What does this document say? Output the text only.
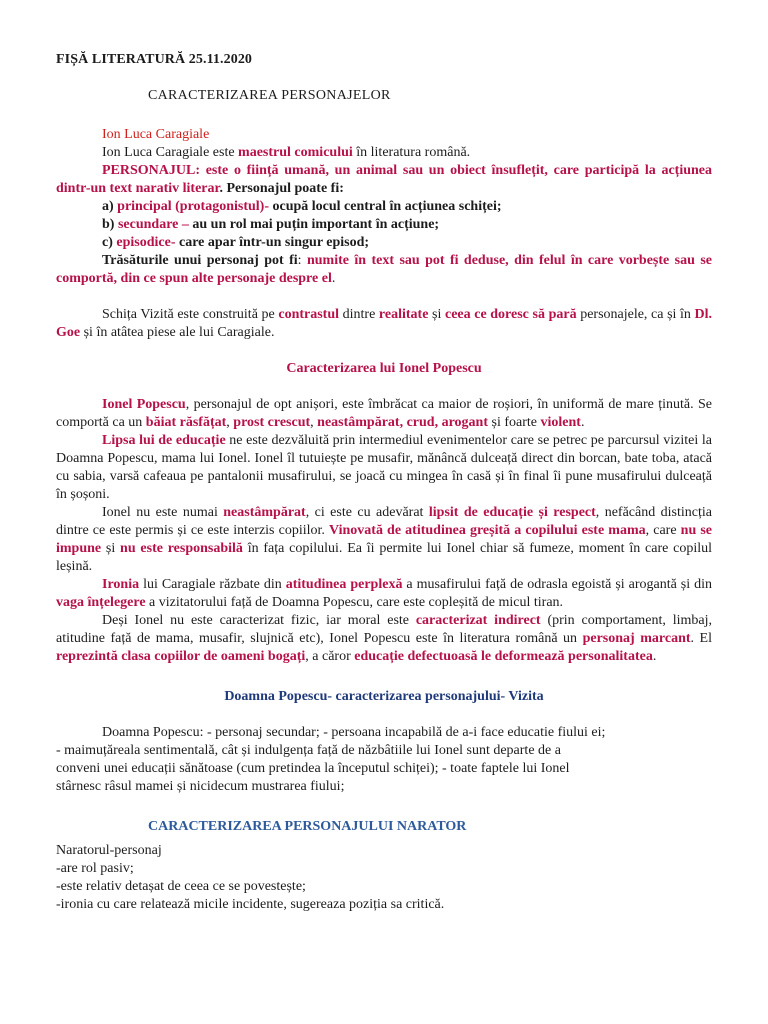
FIȘĂ LITERATURĂ 25.11.2020

CARACTERIZAREA PERSONAJELOR

Ion Luca Caragiale

Ion Luca Caragiale este maestrul comicului în literatura română.

PERSONAJUL: este o ființă umană, un animal sau un obiect însuflețit, care participă la acțiunea dintr-un text narativ literar. Personajul poate fi:

a) principal (protagonistul)- ocupă locul central în acțiunea schiței;

b) secundare – au un rol mai puțin important în acțiune;

c) episodice- care apar într-un singur episod;

Trăsăturile unui personaj pot fi: numite în text sau pot fi deduse, din felul în care vorbește sau se comportă, din ce spun alte personaje despre el.

Schița Vizită este construită pe contrastul dintre realitate și ceea ce doresc să pară personajele, ca și în Dl. Goe și în atâtea piese ale lui Caragiale.

Caracterizarea lui Ionel Popescu

Ionel Popescu, personajul de opt anișori, este îmbrăcat ca maior de roșiori, în uniformă de mare ținută. Se comportă ca un băiat răsfățat, prost crescut, neastâmpărat, crud, arogant și foarte violent.

Lipsa lui de educație ne este dezvăluită prin intermediul evenimentelor care se petrec pe parcursul vizitei la Doamna Popescu, mama lui Ionel. Ionel îl tutuiește pe musafir, mănâncă dulceață direct din borcan, bate toba, atacă cu sabia, varsă cafeaua pe pantalonii musafirului, se joacă cu mingea în casă și în final îi pune musafirului dulceață în șoșoni.

Ionel nu este numai neastâmpărat, ci este cu adevărat lipsit de educație și respect, nefăcând distincția dintre ce este permis și ce este interzis copiilor. Vinovată de atitudinea greșită a copilului este mama, care nu se impune și nu este responsabilă în fața copilului. Ea îi permite lui Ionel chiar să fumeze, moment în care copilul leșină.

Ironia lui Caragiale răzbate din atitudinea perplexă a musafirului față de odrasla egoistă și arogantă și din vaga înțelegere a vizitatorului față de Doamna Popescu, care este copleșită de micul tiran.

Deși Ionel nu este caracterizat fizic, iar moral este caracterizat indirect (prin comportament, limbaj, atitudine față de mama, musafir, slujnică etc), Ionel Popescu este în literatura română un personaj marcant. El reprezintă clasa copiilor de oameni bogați, a căror educație defectuoasă le deformează personalitatea.

Doamna Popescu- caracterizarea personajului- Vizita

Doamna Popescu: - personaj secundar; - persoana incapabilă de a-i face educatie fiului ei;

- maimuțăreala sentimentală, cât și indulgența față de năzbâtiile lui Ionel sunt departe de a

conveni unei educații sănătoase (cum pretindea la începutul schiței); - toate faptele lui Ionel

stârnesc râsul mamei și nicidecum mustrarea fiului;

CARACTERIZAREA PERSONAJULUI NARATOR

Naratorul-personaj

-are rol pasiv;

-este relativ detașat de ceea ce se povestește;

-ironia cu care relatează micile incidente, sugereaza poziția sa critică.
